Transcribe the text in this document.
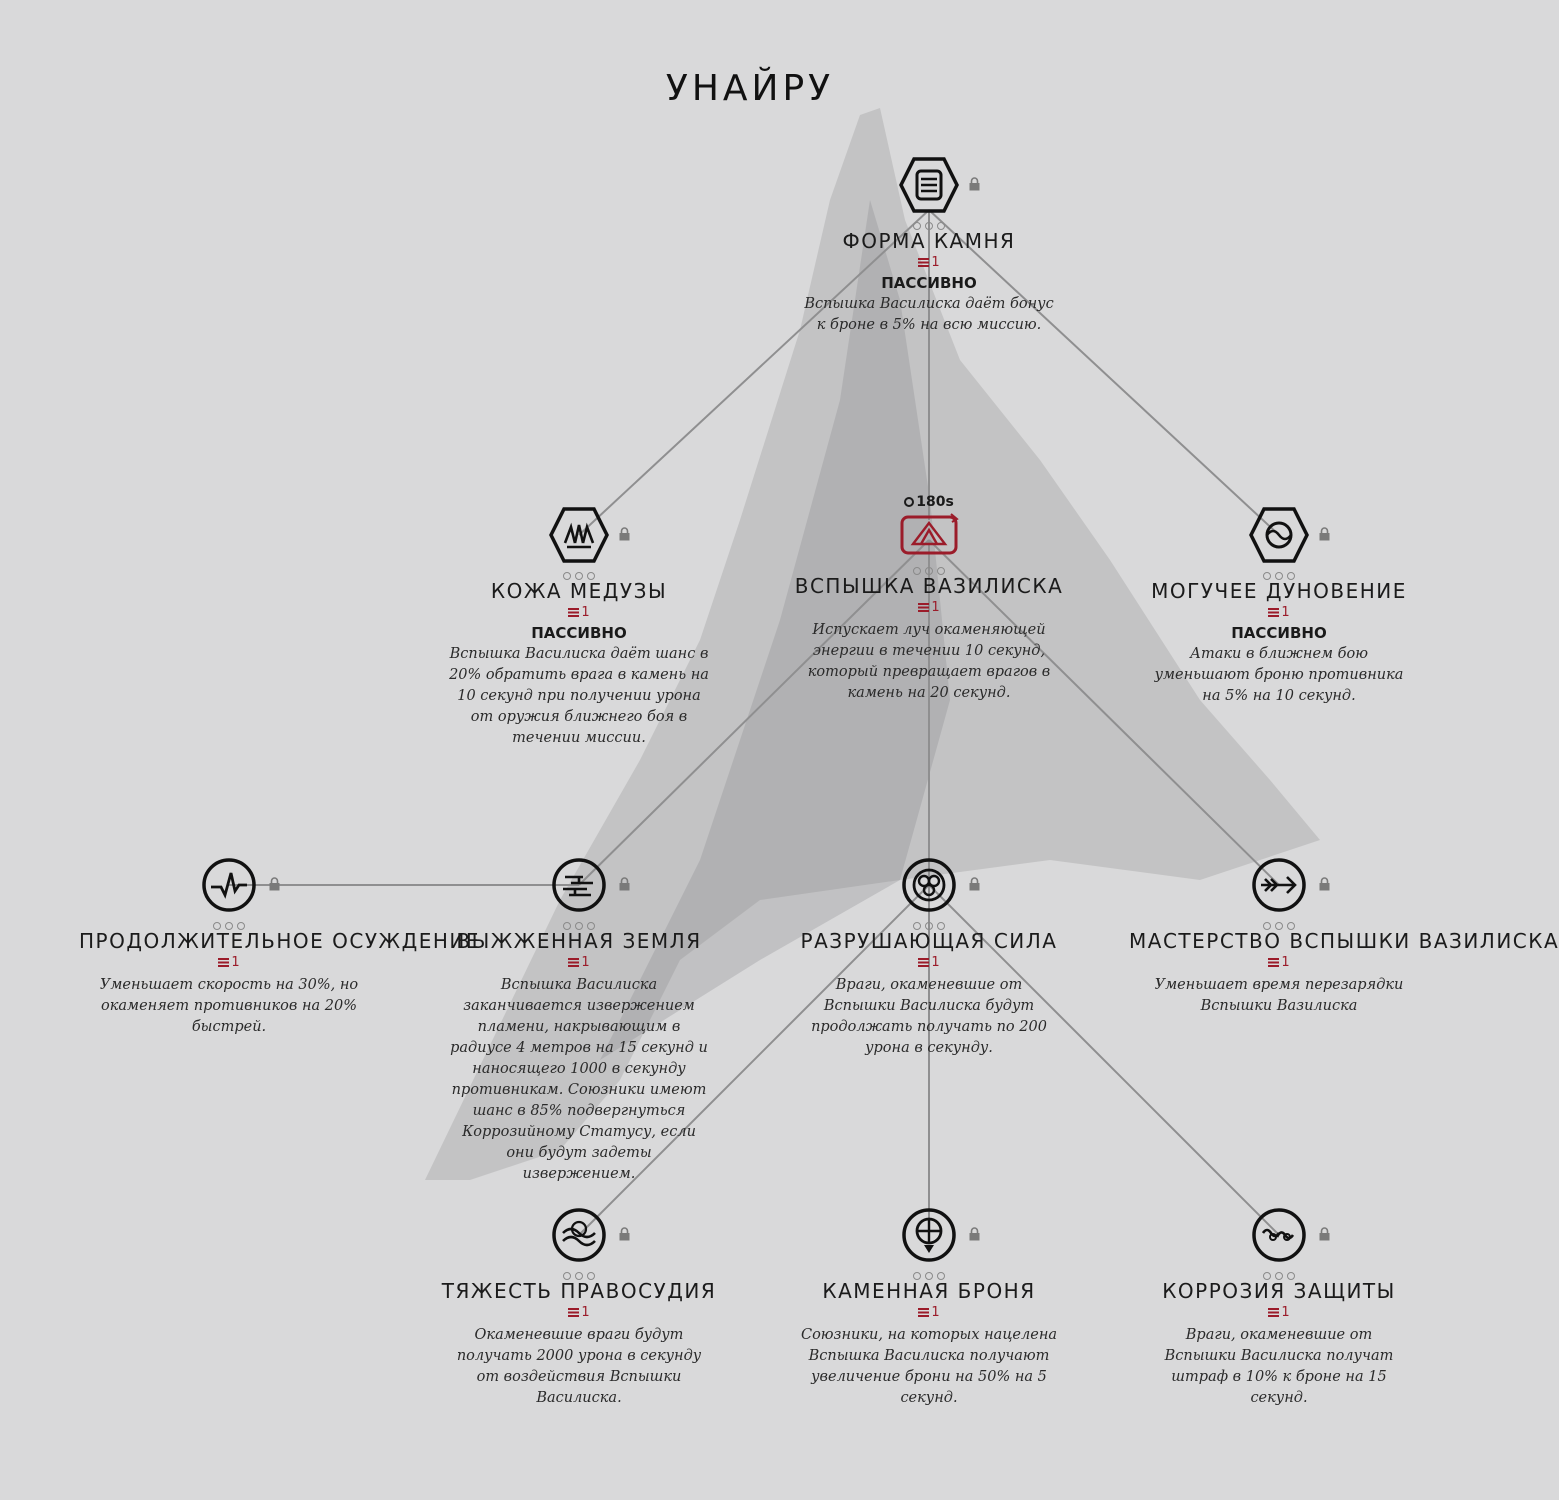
УНАЙРУ
ФОРМА КАМНЯ
1
ПАССИВНО
Вспышка Василиска даёт бонус к броне в 5% на всю миссию.
КОЖА МЕДУЗЫ
1
ПАССИВНО
Вспышка Василиска даёт шанс в 20% обратить врага в камень на 10 секунд при получении урона от оружия ближнего боя в течении миссии.
180s
ВСПЫШКА ВАЗИЛИСКА
1
Испускает луч окаменяющей энергии в течении 10 секунд, который превращает врагов в камень на 20 секунд.
МОГУЧЕЕ ДУНОВЕНИЕ
1
ПАССИВНО
Атаки в ближнем бою уменьшают броню противника на 5% на 10 секунд.
ПРОДОЛЖИТЕЛЬНОЕ ОСУЖДЕНИЕ
1
Уменьшает скорость на 30%, но окаменяет противников на 20% быстрей.
ВЫЖЖЕННАЯ ЗЕМЛЯ
1
Вспышка Василиска заканчивается извержением пламени, накрывающим в радиусе 4 метров на 15 секунд и наносящего 1000 в секунду противникам. Союзники имеют шанс в 85% подвергнуться Коррозийному Статусу, если они будут задеты извержением.
РАЗРУШАЮЩАЯ СИЛА
1
Враги, окаменевшие от Вспышки Василиска будут продолжать получать по 200 урона в секунду.
МАСТЕРСТВО ВСПЫШКИ ВАЗИЛИСКА
1
Уменьшает время перезарядки Вспышки Вазилиска
ТЯЖЕСТЬ ПРАВОСУДИЯ
1
Окаменевшие враги будут получать 2000 урона в секунду от воздействия Вспышки Василиска.
КАМЕННАЯ БРОНЯ
1
Союзники, на которых нацелена Вспышка Василиска получают увеличение брони на 50% на 5 секунд.
КОРРОЗИЯ ЗАЩИТЫ
1
Враги, окаменевшие от Вспышки Василиска получат штраф в 10% к броне на 15 секунд.
